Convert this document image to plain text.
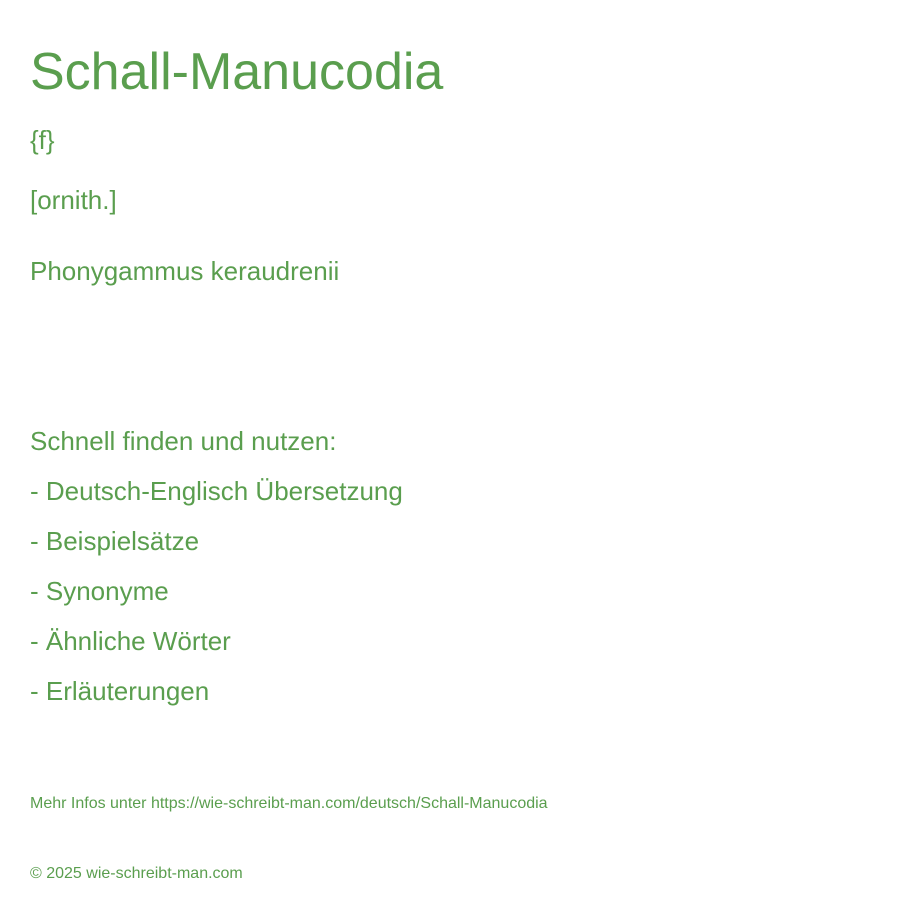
Schall-Manucodia
{f}
[ornith.]
Phonygammus keraudrenii
Schnell finden und nutzen:
- Deutsch-Englisch Übersetzung
- Beispielsätze
- Synonyme
- Ähnliche Wörter
- Erläuterungen
Mehr Infos unter https://wie-schreibt-man.com/deutsch/Schall-Manucodia
© 2025 wie-schreibt-man.com
